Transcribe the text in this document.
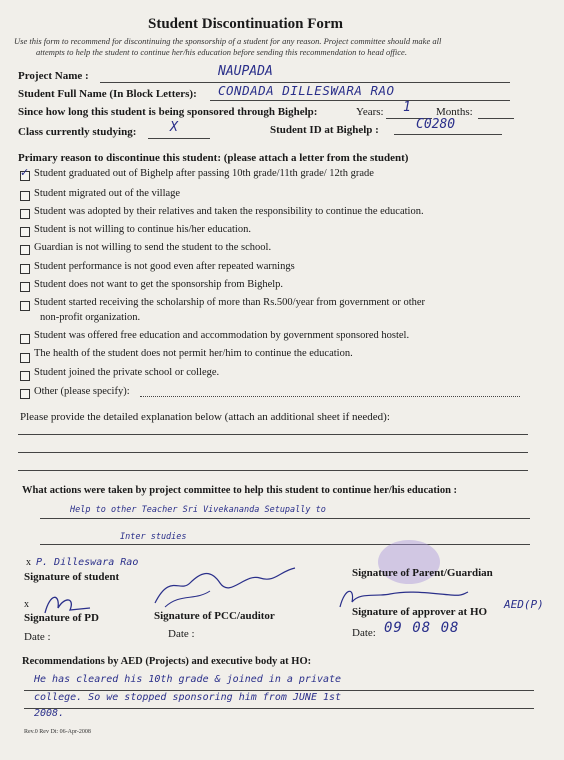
Student Discontinuation Form
Use this form to recommend for discontinuing the sponsorship of a student for any reason. Project committee should make all
attempts to help the student to continue her/his education before sending this recommendation to head office.
Project Name :	NAUPADA
Student Full Name (In Block Letters): CONDADA DILLESWARA RAO
Since how long this student is being sponsored through Bighelp:	Years: 1 Months:
Class currently studying:	X	Student ID at Bighelp :	C0280
Primary reason to discontinue this student: (please attach a letter from the student)
✓
Student graduated out of Bighelp after passing 10th grade/11th grade/ 12th grade
Student migrated out of the village
Student was adopted by their relatives and taken the responsibility to continue the education.
Student is not willing to continue his/her education.
Guardian is not willing to send the student to the school.
Student performance is not good even after repeated warnings
Student does not want to get the sponsorship from Bighelp.
Student started receiving the scholarship of more than Rs.500/year from government or other
non-profit organization.
Student was offered free education and accommodation by government sponsored hostel.
The health of the student does not permit her/him to continue the education.
Student joined the private school or college.
Other (please specify):
Please provide the detailed explanation below (attach an additional sheet if needed):
What actions were taken by project committee to help this student to continue her/his education :
Help to other Teacher Sri Vivekananda Setupally to
Inter studies
P. Dilleswara Rao
x
Signature of student	Signature of Parent/Guardian
x
Signature of PD	Signature of PCC/auditor	Signature of approver at HO
AED(P)
Date :	Date :	Date: 09 08 08
Recommendations by AED (Projects) and executive body at HO:
He has cleared his 10th grade & joined in a private
college. So we stopped sponsoring him from JUNE 1st
2008.
Rev.0 Rev Dt: 06-Apr-2008
